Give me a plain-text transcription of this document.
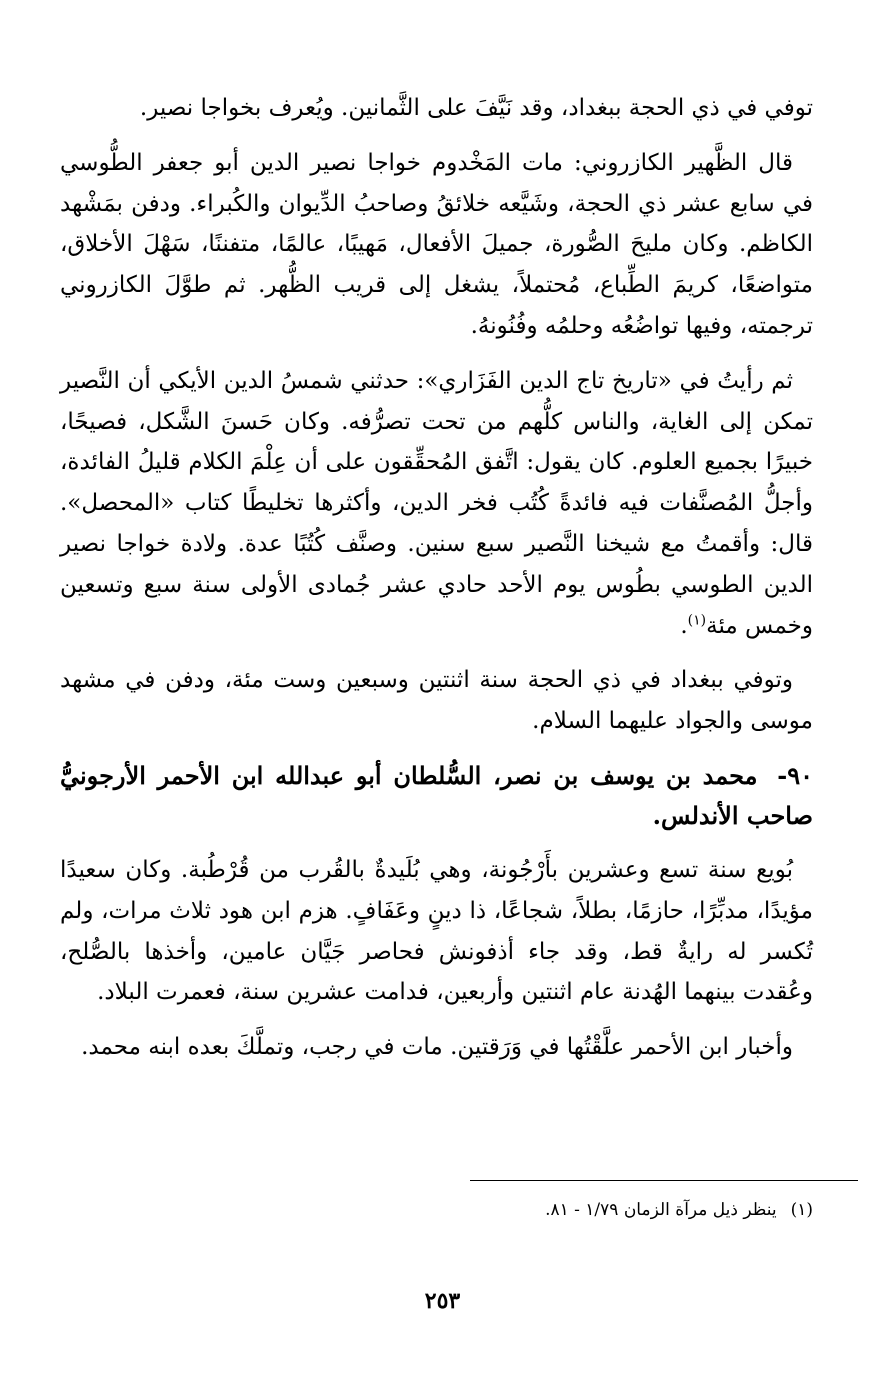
توفي في ذي الحجة ببغداد، وقد نَيَّفَ على الثَّمانين. ويُعرف بخواجا نصير.

قال الظَّهير الكازروني: مات المَخْدوم خواجا نصير الدين أبو جعفر الطُّوسي في سابع عشر ذي الحجة، وشَيَّعه خلائقُ وصاحبُ الدِّيوان والكُبراء. ودفن بمَشْهد الكاظم. وكان مليحَ الصُّورة، جميلَ الأفعال، مَهيبًا، عالمًا، متفننًا، سَهْلَ الأخلاق، متواضعًا، كريمَ الطِّباع، مُحتملاً، يشغل إلى قريب الظُّهر. ثم طوَّلَ الكازروني ترجمته، وفيها تواضُعُه وحلمُه وفُنُونهُ.

ثم رأيتُ في «تاريخ تاج الدين الفَزَاري»: حدثني شمسُ الدين الأيكي أن النَّصير تمكن إلى الغاية، والناس كلُّهم من تحت تصرُّفه. وكان حَسنَ الشَّكل، فصيحًا، خبيرًا بجميع العلوم. كان يقول: اتَّفق المُحقِّقون على أن عِلْمَ الكلام قليلُ الفائدة، وأجلُّ المُصنَّفات فيه فائدةً كُتُب فخر الدين، وأكثرها تخليطًا كتاب «المحصل». قال: وأقمتُ مع شيخنا النَّصير سبع سنين. وصنَّف كُتُبًا عدة. ولادة خواجا نصير الدين الطوسي بطُوس يوم الأحد حادي عشر جُمادى الأولى سنة سبع وتسعين وخمس مئة$^{(١)}$.

وتوفي ببغداد في ذي الحجة سنة اثنتين وسبعين وست مئة، ودفن في مشهد موسى والجواد عليهما السلام.

٩٠- محمد بن يوسف بن نصر، السُّلطان أبو عبدالله ابن الأحمر الأرجونيُّ صاحب الأندلس.

بُويع سنة تسع وعشرين بأَرْجُونة، وهي بُلَيدةٌ بالقُرب من قُرْطُبة. وكان سعيدًا مؤيدًا، مدبِّرًا، حازمًا، بطلاً، شجاعًا، ذا دينٍ وعَفَافٍ. هزم ابن هود ثلاث مرات، ولم تُكسر له رايةٌ قط، وقد جاء أذفونش فحاصر جَيَّان عامين، وأخذها بالصُّلح، وعُقدت بينهما الهُدنة عام اثنتين وأربعين، فدامت عشرين سنة، فعمرت البلاد.

وأخبار ابن الأحمر علَّقْتُها في وَرَقتين. مات في رجب، وتملَّكَ بعده ابنه محمد.

(١)ينظر ذيل مرآة الزمان ١/٧٩ - ٨١.
٢٥٣
